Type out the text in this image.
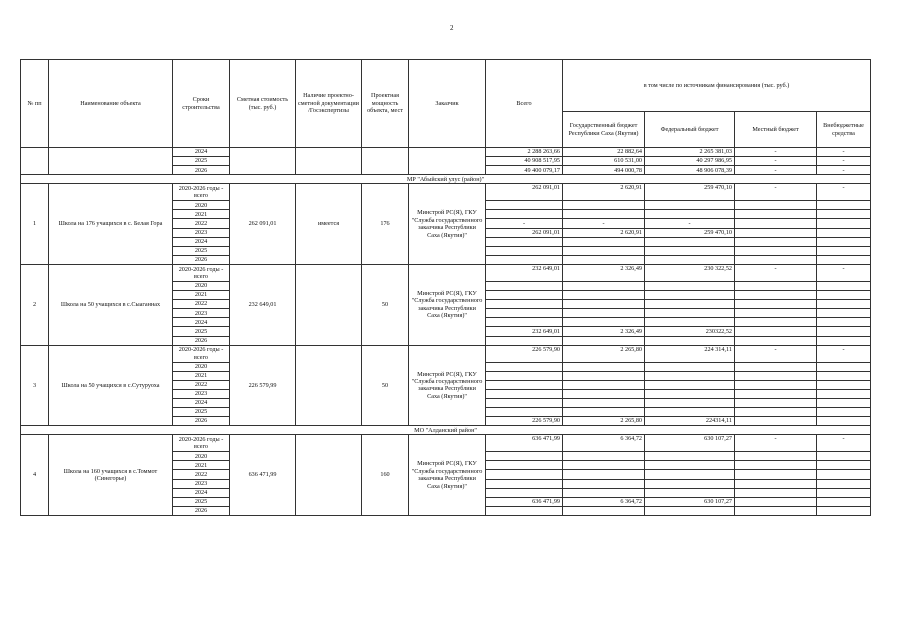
2
№ пп	Наименование объекта	Сроки строительства	Сметная стоимость (тыс. руб.)	Наличие проектно-сметной документации /Госэкспертизы	Проектная мощность объекта, мест	Заказчик	Всего	в том числе по источникам финансирования (тыс. руб.)			
								Государственный бюджет Республики Саха (Якутия)	Федеральный бюджет	Местный бюджет	Внебюджетные средства
		2024					2 288 263,66	22 882,64	2 265 381,03	-	-
		2025					40 908 517,95	610 531,00	40 297 986,95	-	-
		2026					49 400 079,17	494 000,78	48 906 078,39	-	-
МР "Абыйский улус (район)"											
1	Школа на 176 учащихся в с. Белая Гора	2020-2026 годы - всего	262 091,01	имеется	176	Минстрой РС(Я), ГКУ "Служба государственного заказчика Республики Саха (Якутия)"	262 091,01	2 620,91	259 470,10	-	-
		2020									
		2021									
		2022					-	-	-		
		2023					262 091,01	2 620,91	259 470,10		
		2024									
		2025									
		2026									
2	Школа на 50 учащихся в с.Сыаганнах	2020-2026 годы - всего	232 649,01		50	Минстрой РС(Я), ГКУ "Служба государственного заказчика Республики Саха (Якутия)"	232 649,01	2 326,49	230 322,52	-	-
		2020									
		2021									
		2022									
		2023									
		2024									
		2025					232 649,01	2 326,49	230322,52		
		2026									
3	Школа на 50 учащихся в с.Сутуруоха	2020-2026 годы - всего	226 579,99		50	Минстрой РС(Я), ГКУ "Служба государственного заказчика Республики Саха (Якутия)"	226 579,90	2 265,80	224 314,11	-	-
		2020									
		2021									
		2022									
		2023									
		2024									
		2025									
		2026					226 579,90	2 265,80	224314,11		
МО "Алданский район"											
4	Школа на 160 учащихся в с.Томмот (Синегорье)	2020-2026 годы - всего	636 471,99		160	Минстрой РС(Я), ГКУ "Служба государственного заказчика Республики Саха (Якутия)"	636 471,99	6 364,72	630 107,27	-	-
		2020									
		2021									
		2022									
		2023									
		2024									
		2025					636 471,99	6 364,72	630 107,27		
		2026									
